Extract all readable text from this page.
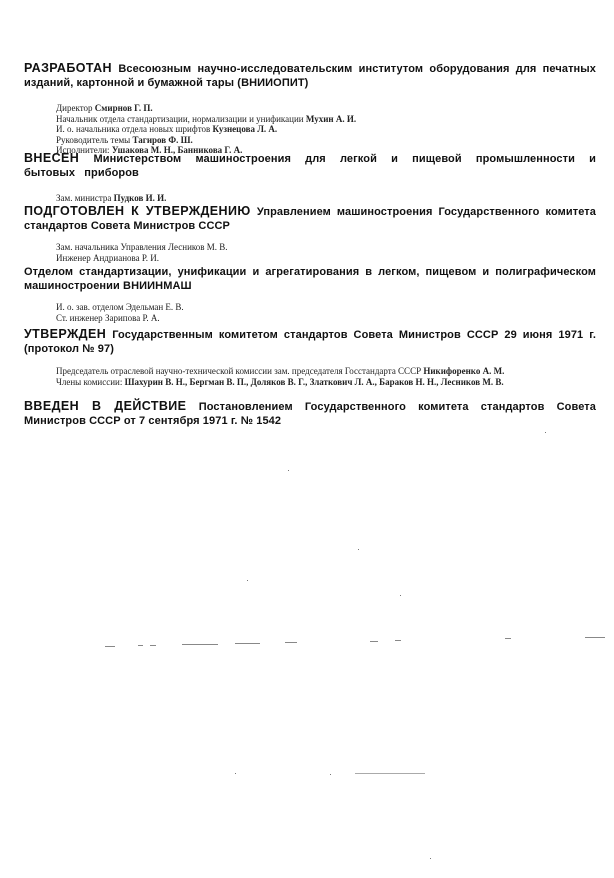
РАЗРАБОТАН Всесоюзным научно-исследовательским институтом оборудования для печатных изданий, картонной и бумажной тары (ВНИИОПИТ)
Директор Смирнов Г. П.
Начальник отдела стандартизации, нормализации и унификации Мухин А. И.
И. о. начальника отдела новых шрифтов Кузнецова Л. А.
Руководитель темы Тагиров Ф. Ш.
Исполнители: Ушакова М. Н., Банникова Г. А.
ВНЕСЕН Министерством машиностроения для легкой и пищевой промышленности и бытовых приборов
Зам. министра Пудков И. И.
ПОДГОТОВЛЕН К УТВЕРЖДЕНИЮ Управлением машиностроения Государственного комитета стандартов Совета Министров СССР
Зам. начальника Управления Лесников М. В.
Инженер Андрианова Р. И.
Отделом стандартизации, унификации и агрегатирования в легком, пищевом и полиграфическом машиностроении ВНИИНМАШ
И. о. зав. отделом Эдельман Е. В.
Ст. инженер Зарипова Р. А.
УТВЕРЖДЕН Государственным комитетом стандартов Совета Министров СССР 29 июня 1971 г. (протокол № 97)
Председатель отраслевой научно-технической комиссии зам. председателя Госстандарта СССР Никифоренко А. М.
Члены комиссии: Шахурин В. Н., Бергман В. П., Доляков В. Г., Златкович Л. А., Бараков Н. Н., Лесников М. В.
ВВЕДЕН В ДЕЙСТВИЕ Постановлением Государственного комитета стандартов Совета Министров СССР от 7 сентября 1971 г. № 1542
